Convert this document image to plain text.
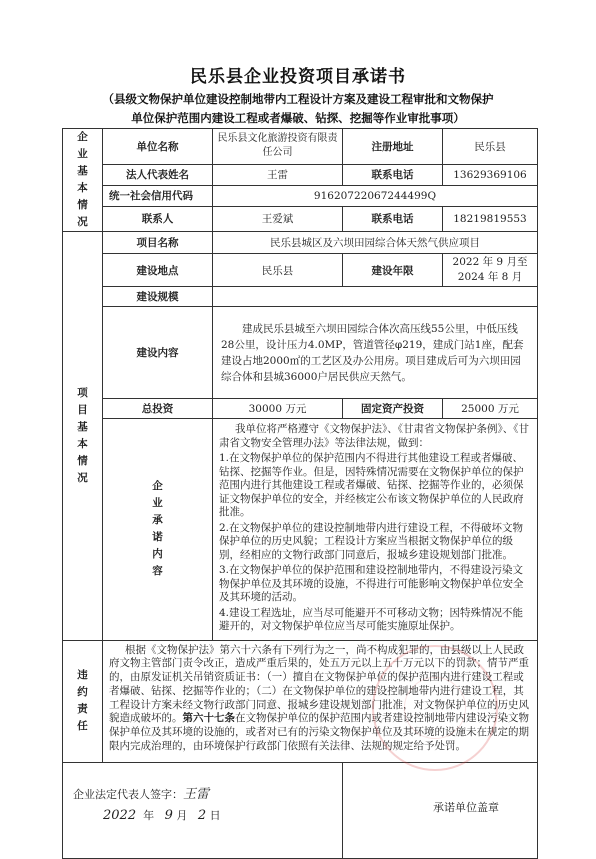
民乐县企业投资项目承诺书
（县级文物保护单位建设控制地带内工程设计方案及建设工程审批和文物保护
单位保护范围内建设工程或者爆破、钻探、挖掘等作业审批事项）
企业基本情况	单位名称	民乐县文化旅游投资有限责任公司	注册地址	民乐县
	法人代表姓名	王雷	联系电话	13629369106
	统一社会信用代码	91620722067244499Q		
	联系人	王爱斌	联系电话	18219819553

项目基本情况	项目名称	民乐县城区及六坝田园综合体天然气供应项目		
	建设地点	民乐县	建设年限	2022 年 9 月至 2024 年 8 月
	建设规模			
	建设内容	建成民乐县城至六坝田园综合体次高压线55公里，中低压线28公里，设计压力4.0MP，管道管径φ219，建成门站1座，配套建设占地2000㎡的工艺区及办公用房。项目建成后可为六坝田园综合体和县城36000户居民供应天然气。		
	总投资	30000 万元	固定资产投资	25000 万元

	企业承诺内容	我单位将严格遵守《文物保护法》、《甘肃省文物保护条例》、《甘肃省文物安全管理办法》等法律法规，做到：

1.在文物保护单位的保护范围内不得进行其他建设工程或者爆破、钻探、挖掘等作业。但是，因特殊情况需要在文物保护单位的保护范围内进行其他建设工程或者爆破、钻探、挖掘等作业的，必须保证文物保护单位的安全，并经核定公布该文物保护单位的人民政府批准。

2.在文物保护单位的建设控制地带内进行建设工程，不得破坏文物保护单位的历史风貌；工程设计方案应当根据文物保护单位的级别，经相应的文物行政部门同意后，报城乡建设规划部门批准。

3.在文物保护单位的保护范围和建设控制地带内，不得建设污染文物保护单位及其环境的设施，不得进行可能影响文物保护单位安全及其环境的活动。

4.建设工程选址，应当尽可能避开不可移动文物；因特殊情况不能避开的，对文物保护单位应当尽可能实施原址保护。		

违约责任	根据《文物保护法》第六十六条有下列行为之一，尚不构成犯罪的，由县级以上人民政府文物主管部门责令改正，造成严重后果的，处五万元以上五十万元以下的罚款；情节严重的，由原发证机关吊销资质证书：（一）擅自在文物保护单位的保护范围内进行建设工程或者爆破、钻探、挖掘等作业的；（二）在文物保护单位的建设控制地带内进行建设工程，其工程设计方案未经文物行政部门同意、报城乡建设规划部门批准，对文物保护单位的历史风貌造成破坏的。第六十七条在文物保护单位的保护范围内或者建设控制地带内建设污染文物保护单位及其环境的设施的，或者对已有的污染文物保护单位及其环境的设施未在规定的期限内完成治理的，由环境保护行政部门依照有关法律、法规的规定给予处罚。			

企业法定代表人签字：王雷
2022 年 9 月 2 日			承诺单位盖章	
